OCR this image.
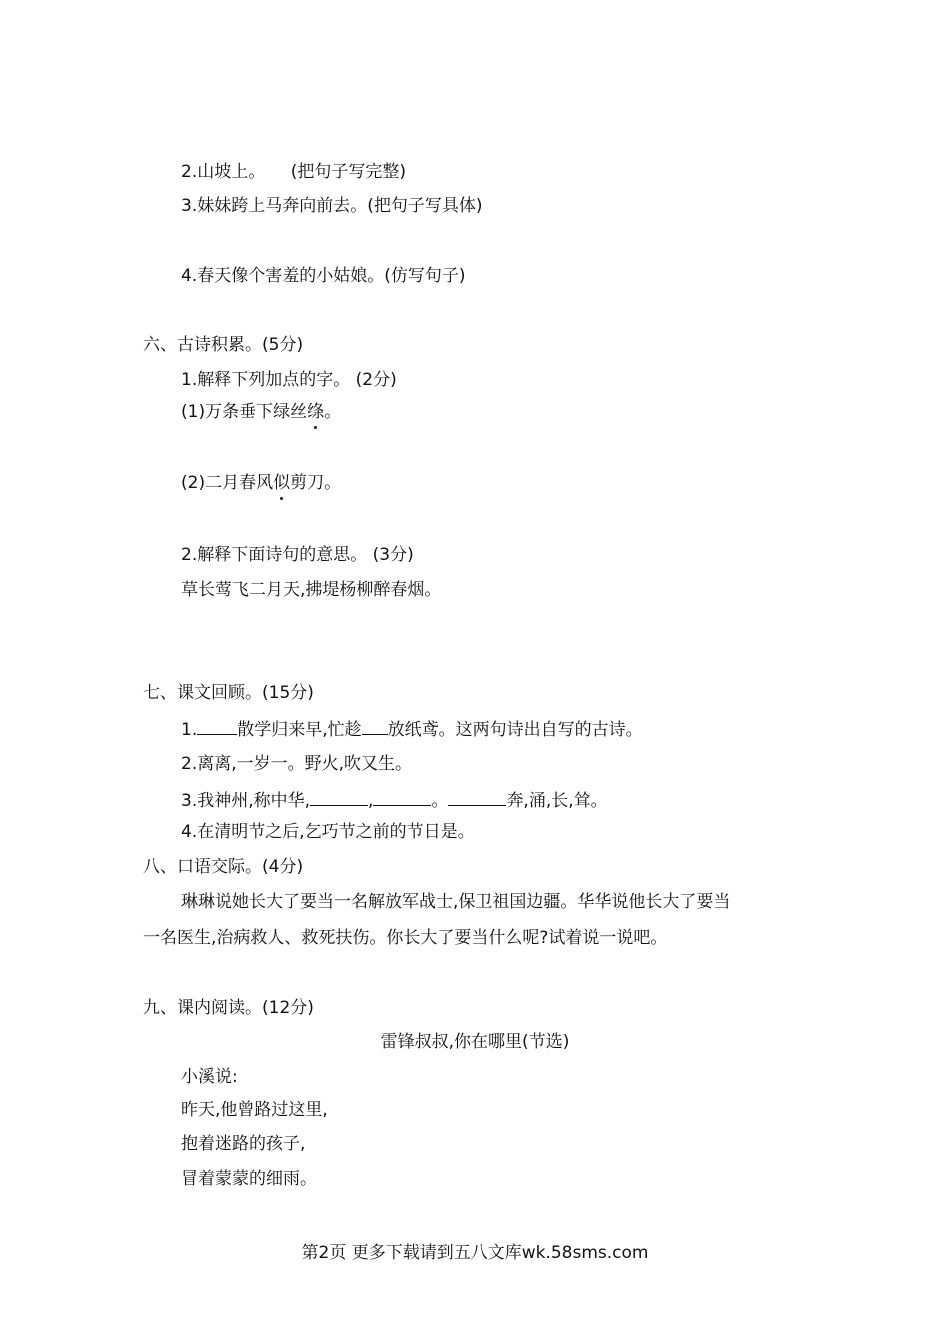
2.山坡上。　　(把句子写完整)
3.妹妹跨上马奔向前去。(把句子写具体)
4.春天像个害羞的小姑娘。(仿写句子)
六、古诗积累。(5分)
1.解释下列加点的字。 (2分)
(1)万条垂下绿丝绦。
(2)二月春风似剪刀。
2.解释下面诗句的意思。 (3分)
草长莺飞二月天,拂堤杨柳醉春烟。
七、课文回顾。(15分)
1. 散学归来早,忙趁 放纸鸢。这两句诗出自写的古诗。
2.离离,一岁一。野火,吹又生。
3.我神州,称中华,	,	。	奔,涌,长,耸。
4.在清明节之后,乞巧节之前的节日是。
八、口语交际。(4分)
琳琳说她长大了要当一名解放军战士,保卫祖国边疆。华华说他长大了要当
一名医生,治病救人、救死扶伤。你长大了要当什么呢?试着说一说吧。
九、课内阅读。(12分)
雷锋叔叔,你在哪里(节选)
小溪说:
昨天,他曾路过这里,
抱着迷路的孩子,
冒着蒙蒙的细雨。
第2页 更多下载请到五八文库wk.58sms.com
